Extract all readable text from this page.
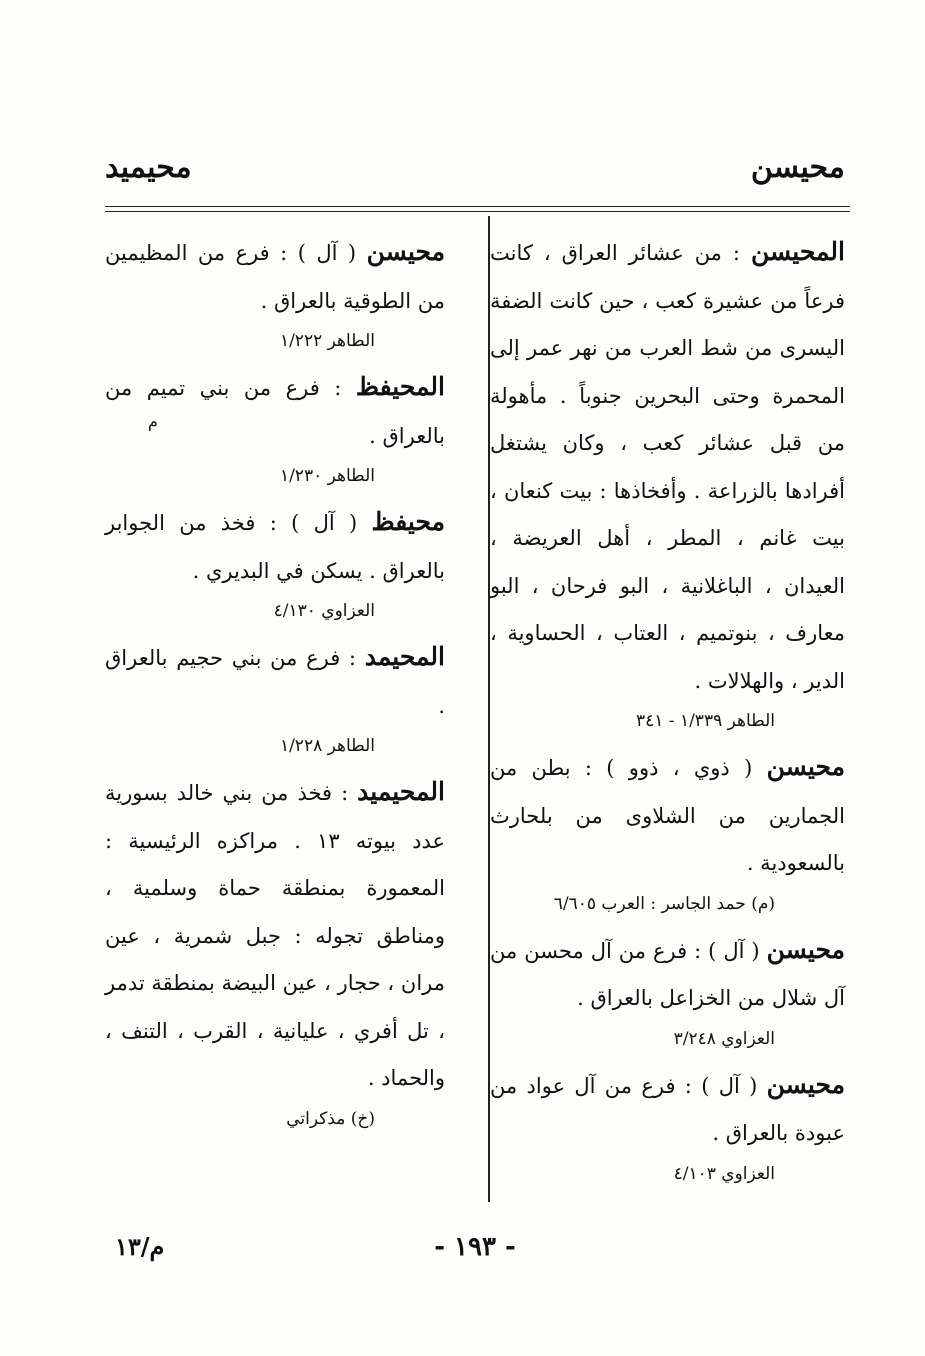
محيسن
محيميد

المحيسن : من عشائر العراق ، كانت فرعاً من عشيرة كعب ، حين كانت الضفة اليسرى من شط العرب من نهر عمر إلى المحمرة وحتى البحرين جنوباً . مأهولة من قبل عشائر كعب ، وكان يشتغل أفرادها بالزراعة . وأفخاذها : بيت كنعان ، بيت غانم ، المطر ، أهل العريضة ، العيدان ، الباغلانية ، البو فرحان ، البو معارف ، بنوتميم ، العتاب ، الحساوية ، الدير ، والهلالات .

الطاهر ١/٣٣٩ - ٣٤١

محيسن ( ذوي ، ذوو ) : بطن من الجمارين من الشلاوى من بلحارث بالسعودية .

(م) حمد الجاسر : العرب ٦/٦٠٥

محيسن ( آل ) : فرع من آل محسن من آل شلال من الخزاعل بالعراق .

العزاوي ٣/٢٤٨

محيسن ( آل ) : فرع من آل عواد من عبودة بالعراق .

العزاوي ٤/١٠٣

محيسن ( آل ) : فرع من المظيمين من الطوقية بالعراق .

الطاهر ١/٢٢٢

المحيفظ : فرع من بني تميم من بالعراق .

الطاهر ١/٢٣٠

محيفظ ( آل ) : فخذ من الجوابر بالعراق . يسكن في البديري .

العزاوي ٤/١٣٠

المحيمد : فرع من بني حجيم بالعراق .

الطاهر ١/٢٢٨

المحيميد : فخذ من بني خالد بسورية عدد بيوته ١٣ . مراكزه الرئيسية : المعمورة بمنطقة حماة وسلمية ، ومناطق تجوله : جبل شمرية ، عين مران ، حجار ، عين البيضة بمنطقة تدمر ، تل أفري ، عليانية ، القرب ، التنف ، والحماد .

(خ) مذكراتي
م
- ١٩٣ -
م/١٣
